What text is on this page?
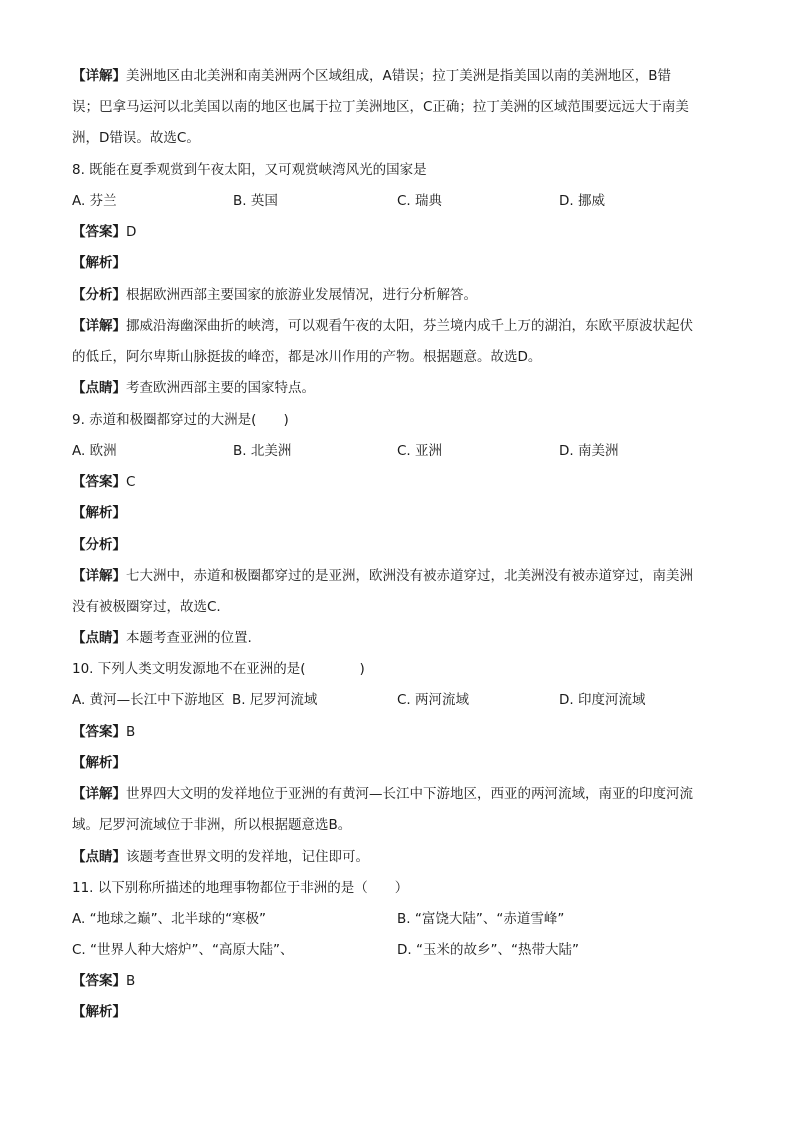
【详解】美洲地区由北美洲和南美洲两个区域组成，A错误；拉丁美洲是指美国以南的美洲地区，B错
误；巴拿马运河以北美国以南的地区也属于拉丁美洲地区，C正确；拉丁美洲的区域范围要远远大于南美
洲，D错误。故选C。
8. 既能在夏季观赏到午夜太阳，又可观赏峡湾风光的国家是
A. 芬兰	B. 英国	C. 瑞典	D. 挪威
【答案】D
【解析】
【分析】根据欧洲西部主要国家的旅游业发展情况，进行分析解答。
【详解】挪威沿海幽深曲折的峡湾，可以观看午夜的太阳，芬兰境内成千上万的湖泊，东欧平原波状起伏
的低丘，阿尔卑斯山脉挺拔的峰峦，都是冰川作用的产物。根据题意。故选D。
【点睛】考查欧洲西部主要的国家特点。
9. 赤道和极圈都穿过的大洲是(　　)
A. 欧洲	B. 北美洲	C. 亚洲	D. 南美洲
【答案】C
【解析】
【分析】
【详解】七大洲中，赤道和极圈都穿过的是亚洲，欧洲没有被赤道穿过，北美洲没有被赤道穿过，南美洲
没有被极圈穿过，故选C.
【点睛】本题考查亚洲的位置.
10. 下列人类文明发源地不在亚洲的是(　　　　)
A. 黄河—长江中下游地区 B. 尼罗河流域	C. 两河流域	D. 印度河流域
【答案】B
【解析】
【详解】世界四大文明的发祥地位于亚洲的有黄河—长江中下游地区，西亚的两河流域，南亚的印度河流
域。尼罗河流域位于非洲，所以根据题意选B。
【点睛】该题考查世界文明的发祥地，记住即可。
11. 以下别称所描述的地理事物都位于非洲的是（　　）
A. “地球之巅”、北半球的“寒极”	B. “富饶大陆”、“赤道雪峰”
C. “世界人种大熔炉”、“高原大陆”、	D. “玉米的故乡”、“热带大陆”
【答案】B
【解析】
